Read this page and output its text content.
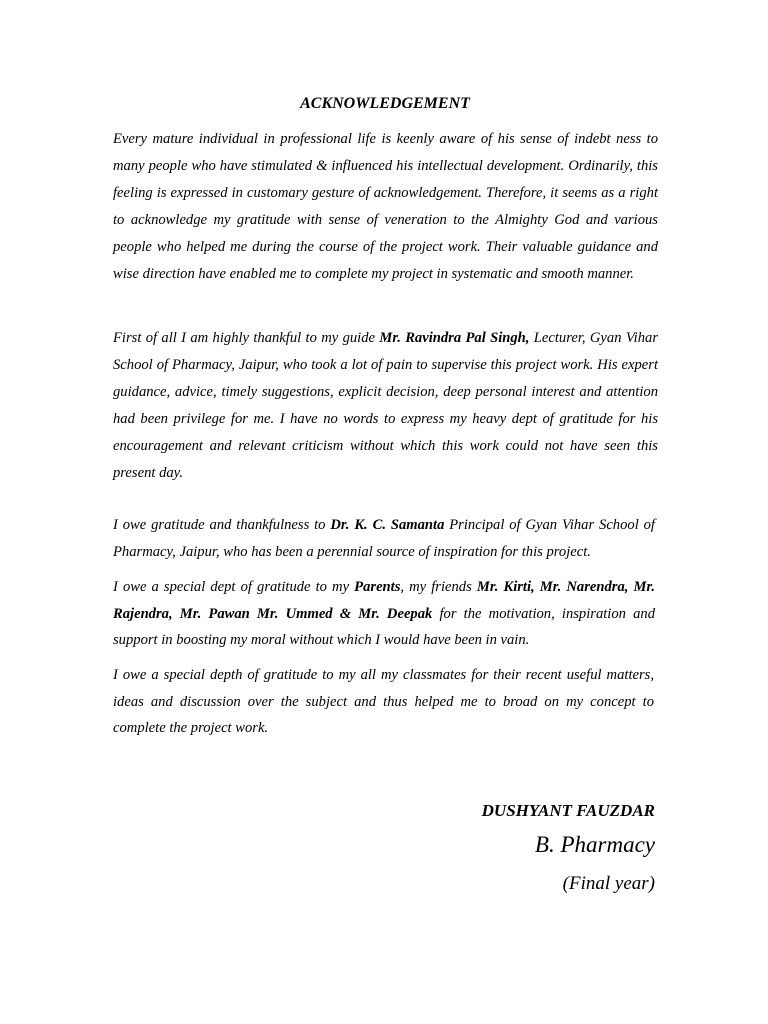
ACKNOWLEDGEMENT

Every mature individual in professional life is keenly aware of his sense of indebt ness to many people who have stimulated & influenced his intellectual development. Ordinarily, this feeling is expressed in customary gesture of acknowledgement. Therefore, it seems as a right to acknowledge my gratitude with sense of veneration to the Almighty God and various people who helped me during the course of the project work. Their valuable guidance and wise direction have enabled me to complete my project in systematic and smooth manner.

First of all I am highly thankful to my guide Mr. Ravindra Pal Singh, Lecturer, Gyan Vihar School of Pharmacy, Jaipur, who took a lot of pain to supervise this project work. His expert guidance, advice, timely suggestions, explicit decision, deep personal interest and attention had been privilege for me. I have no words to express my heavy dept of gratitude for his encouragement and relevant criticism without which this work could not have seen this present day.

I owe gratitude and thankfulness to Dr. K. C. Samanta Principal of Gyan Vihar School of Pharmacy, Jaipur, who has been a perennial source of inspiration for this project.

I owe a special dept of gratitude to my Parents, my friends Mr. Kirti, Mr. Narendra, Mr. Rajendra, Mr. Pawan Mr. Ummed & Mr. Deepak for the motivation, inspiration and support in boosting my moral without which I would have been in vain.

I owe a special depth of gratitude to my all my classmates for their recent useful matters, ideas and discussion over the subject and thus helped me to broad on my concept to complete the project work.

DUSHYANT FAUZDAR
B. Pharmacy
(Final year)
